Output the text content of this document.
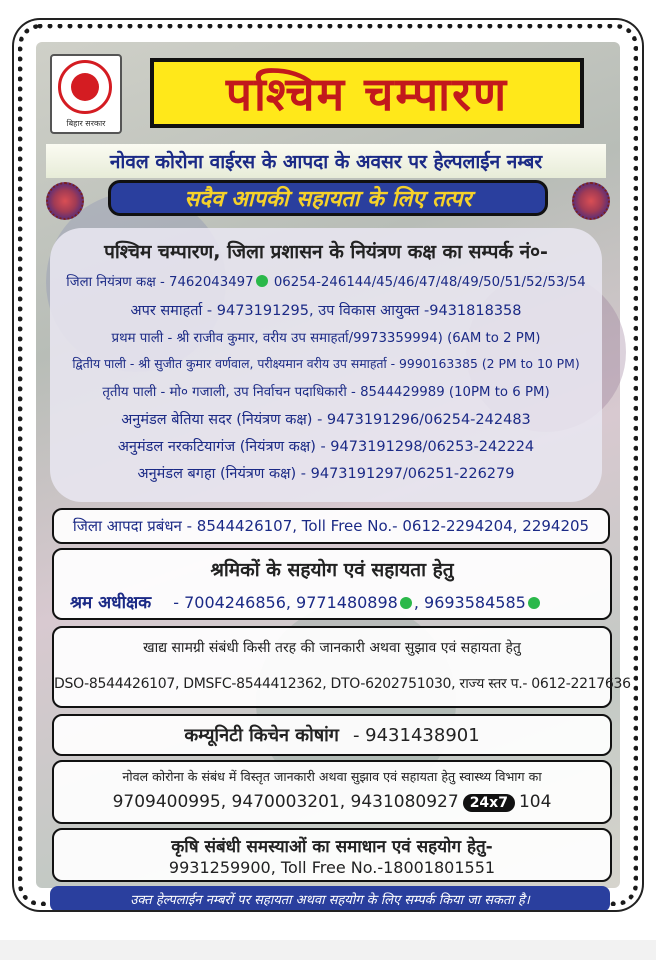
बिहार सरकार
पश्चिम चम्पारण
नोवल कोरोना वाईरस के आपदा के अवसर पर हेल्पलाईन नम्बर
सदैव आपकी सहायता के लिए तत्पर
पश्चिम चम्पारण, जिला प्रशासन के नियंत्रण कक्ष का सम्पर्क नं०-
जिला नियंत्रण कक्ष - 7462043497 06254-246144/45/46/47/48/49/50/51/52/53/54
अपर समाहर्ता - 9473191295, उप विकास आयुक्त -9431818358
प्रथम पाली - श्री राजीव कुमार, वरीय उप समाहर्ता/9973359994) (6AM to 2 PM)
द्वितीय पाली - श्री सुजीत कुमार वर्णवाल, परीक्ष्यमान वरीय उप समाहर्ता - 9990163385 (2 PM to 10 PM)
तृतीय पाली - मो० गजाली, उप निर्वाचन पदाधिकारी - 8544429989 (10PM to 6 PM)
अनुमंडल बेतिया सदर (नियंत्रण कक्ष) - 9473191296/06254-242483
अनुमंडल नरकटियागंज (नियंत्रण कक्ष) - 9473191298/06253-242224
अनुमंडल बगहा (नियंत्रण कक्ष) - 9473191297/06251-226279
जिला आपदा प्रबंधन - 8544426107, Toll Free No.- 0612-2294204, 2294205
श्रमिकों के सहयोग एवं सहायता हेतु
श्रम अधीक्षक - 7004246856, 9771480898 , 9693584585
खाद्य सामग्री संबंधी किसी तरह की जानकारी अथवा सुझाव एवं सहायता हेतु
DSO-8544426107, DMSFC-8544412362, DTO-6202751030, राज्य स्तर प.- 0612-2217636
कम्यूनिटी किचेन कोषांग - 9431438901
नोवल कोरोना के संबंध में विस्तृत जानकारी अथवा सुझाव एवं सहायता हेतु स्वास्थ्य विभाग का
9709400995, 9470003201, 9431080927 24x7 104
कृषि संबंधी समस्याओं का समाधान एवं सहयोग हेतु-
9931259900, Toll Free No.-18001801551
उक्त हेल्पलाईन नम्बरों पर सहायता अथवा सहयोग के लिए सम्पर्क किया जा सकता है।
